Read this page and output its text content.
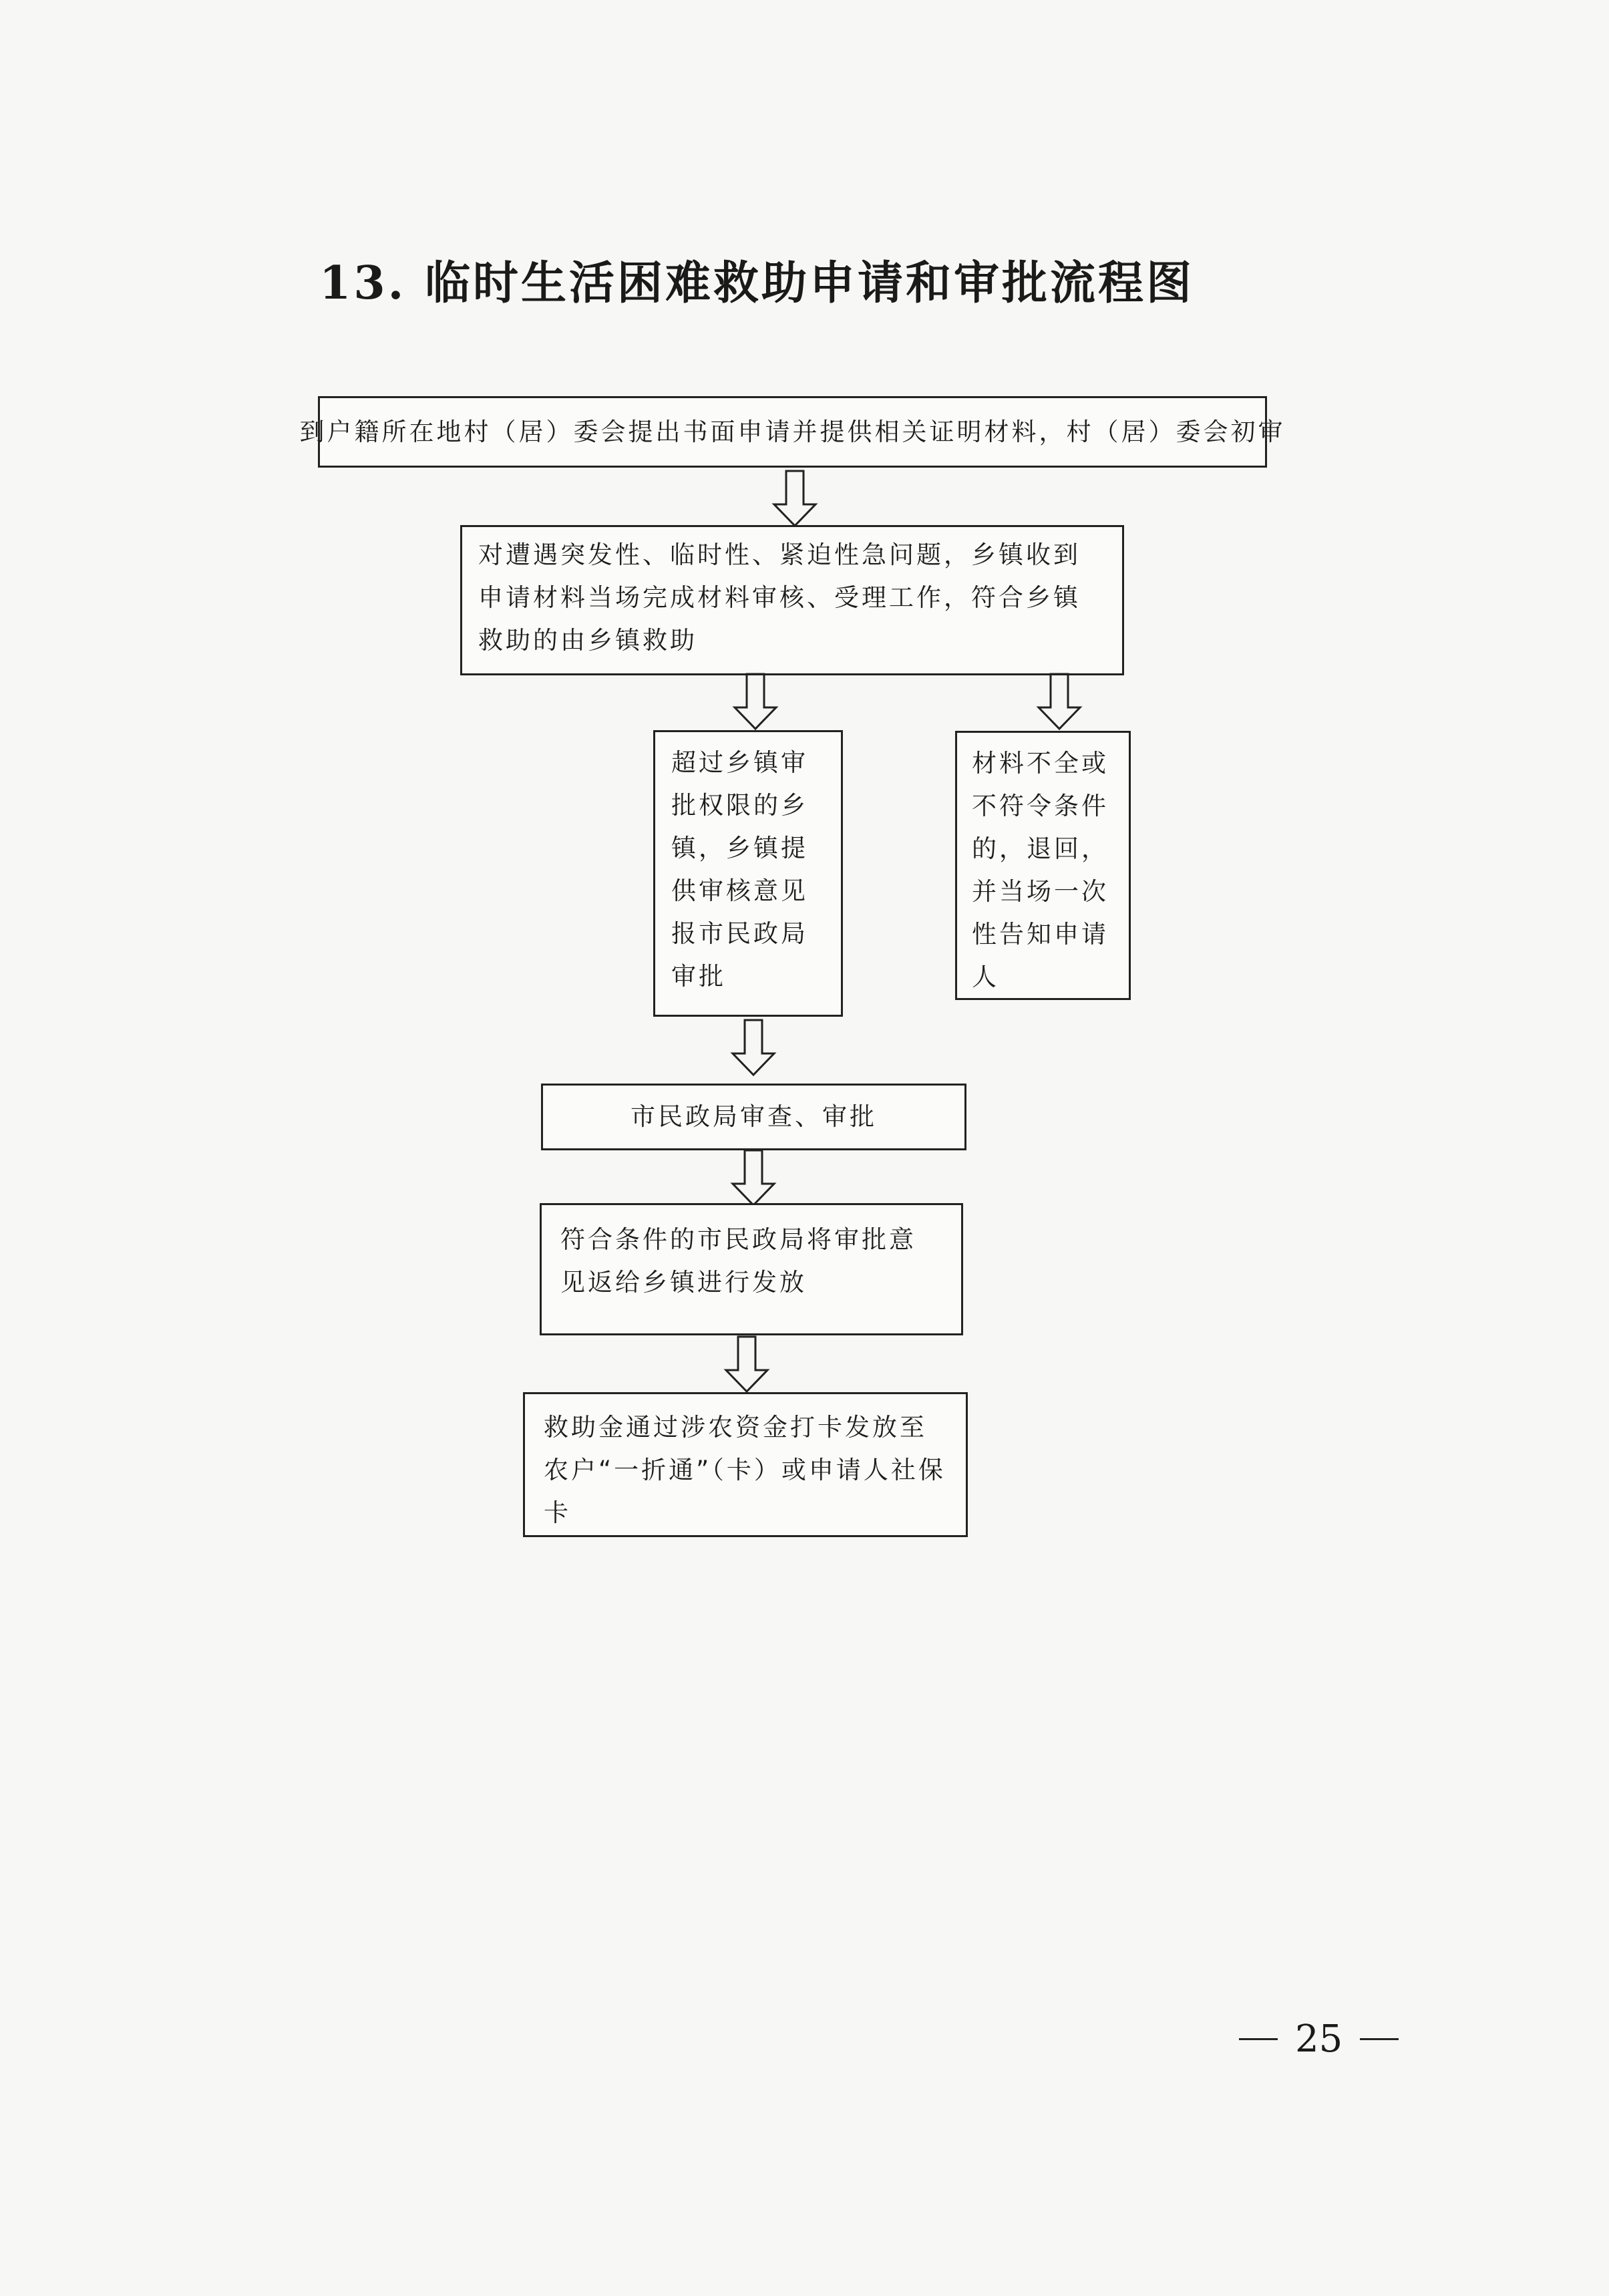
13. 临时生活困难救助申请和审批流程图
到户籍所在地村（居）委会提出书面申请并提供相关证明材料，村（居）委会初审
对遭遇突发性、临时性、紧迫性急问题，乡镇收到申请材料当场完成材料审核、受理工作，符合乡镇救助的由乡镇救助
超过乡镇审批权限的乡镇，乡镇提供审核意见报市民政局审批
材料不全或不符令条件的，退回，并当场一次性告知申请人
市民政局审查、审批
符合条件的市民政局将审批意见返给乡镇进行发放
救助金通过涉农资金打卡发放至农户“一折通”（卡）或申请人社保卡
25
